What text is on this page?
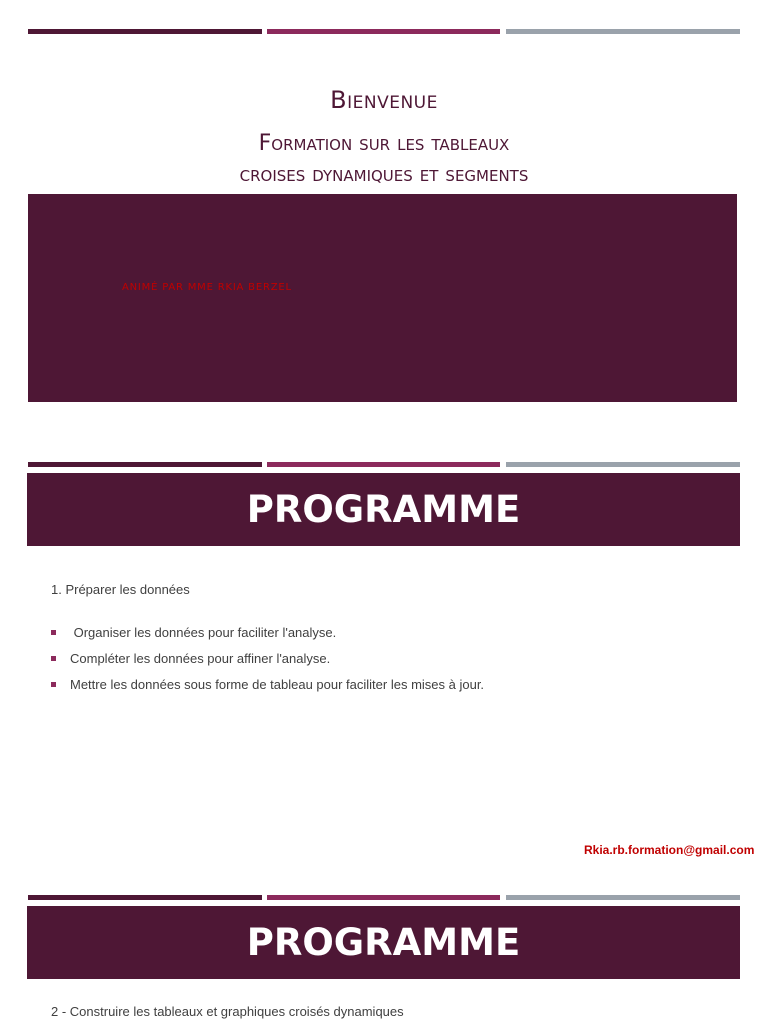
Bienvenue
Formation sur les tableaux
croises dynamiques et segments
ANIMÉ PAR MME RKIA BERZEL
PROGRAMME
1. Préparer les données
Organiser les données pour faciliter l'analyse.
Compléter les données pour affiner l'analyse.
Mettre les données sous forme de tableau pour faciliter les mises à jour.
Rkia.rb.formation@gmail.com
PROGRAMME
2 - Construire les tableaux et graphiques croisés dynamiques
